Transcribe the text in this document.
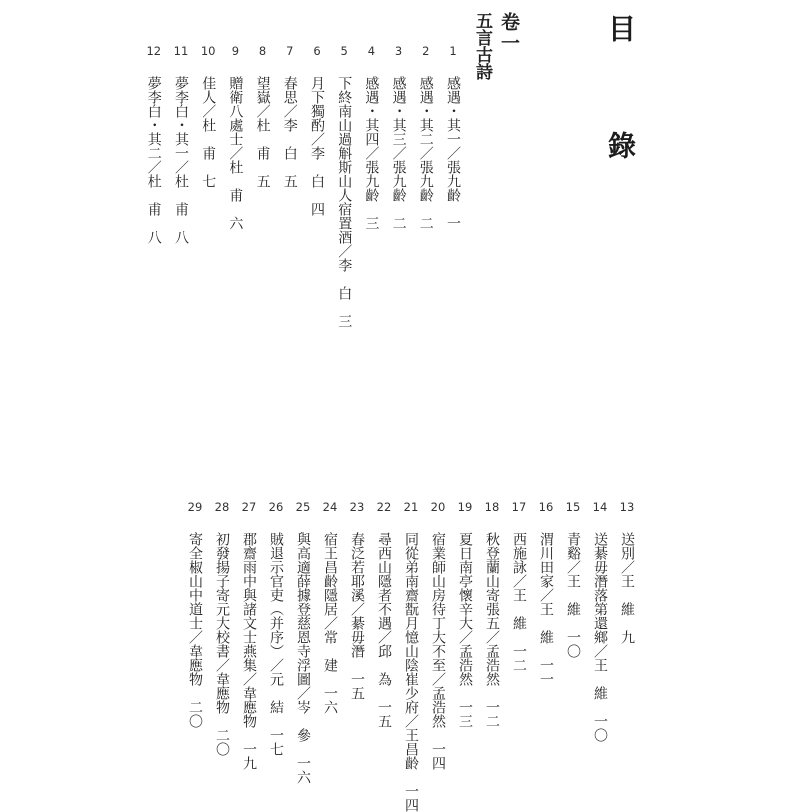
目 錄
卷一
五言古詩
1
感遇・其一／張九齡一
2
感遇・其二／張九齡二
3
感遇・其三／張九齡二
4
感遇・其四／張九齡三
5
下終南山過斛斯山人宿置酒／李　白三
6
月下獨酌／李　白四
7
春思／李　白五
8
望嶽／杜　甫五
9
贈衛八處士／杜　甫六
10
佳人／杜　甫七
11
夢李白・其一／杜　甫八
12
夢李白・其二／杜　甫八
13
送別／王　維九
14
送綦毋潛落第還鄉／王　維一〇
15
青谿／王　維一〇
16
渭川田家／王　維一一
17
西施詠／王　維一二
18
秋登蘭山寄張五／孟浩然一二
19
夏日南亭懷辛大／孟浩然一三
20
宿業師山房待丁大不至／孟浩然一四
21
同從弟南齋翫月憶山陰崔少府／王昌齡一四
22
尋西山隱者不遇／邱　為一五
23
春泛若耶溪／綦毋潛一五
24
宿王昌齡隱居／常　建一六
25
與高適薛據登慈恩寺浮圖／岑　參一六
26
賊退示官吏（并序）／元　結一七
27
郡齋雨中與諸文士燕集／韋應物一九
28
初發揚子寄元大校書／韋應物二〇
29
寄全椒山中道士／韋應物二〇
